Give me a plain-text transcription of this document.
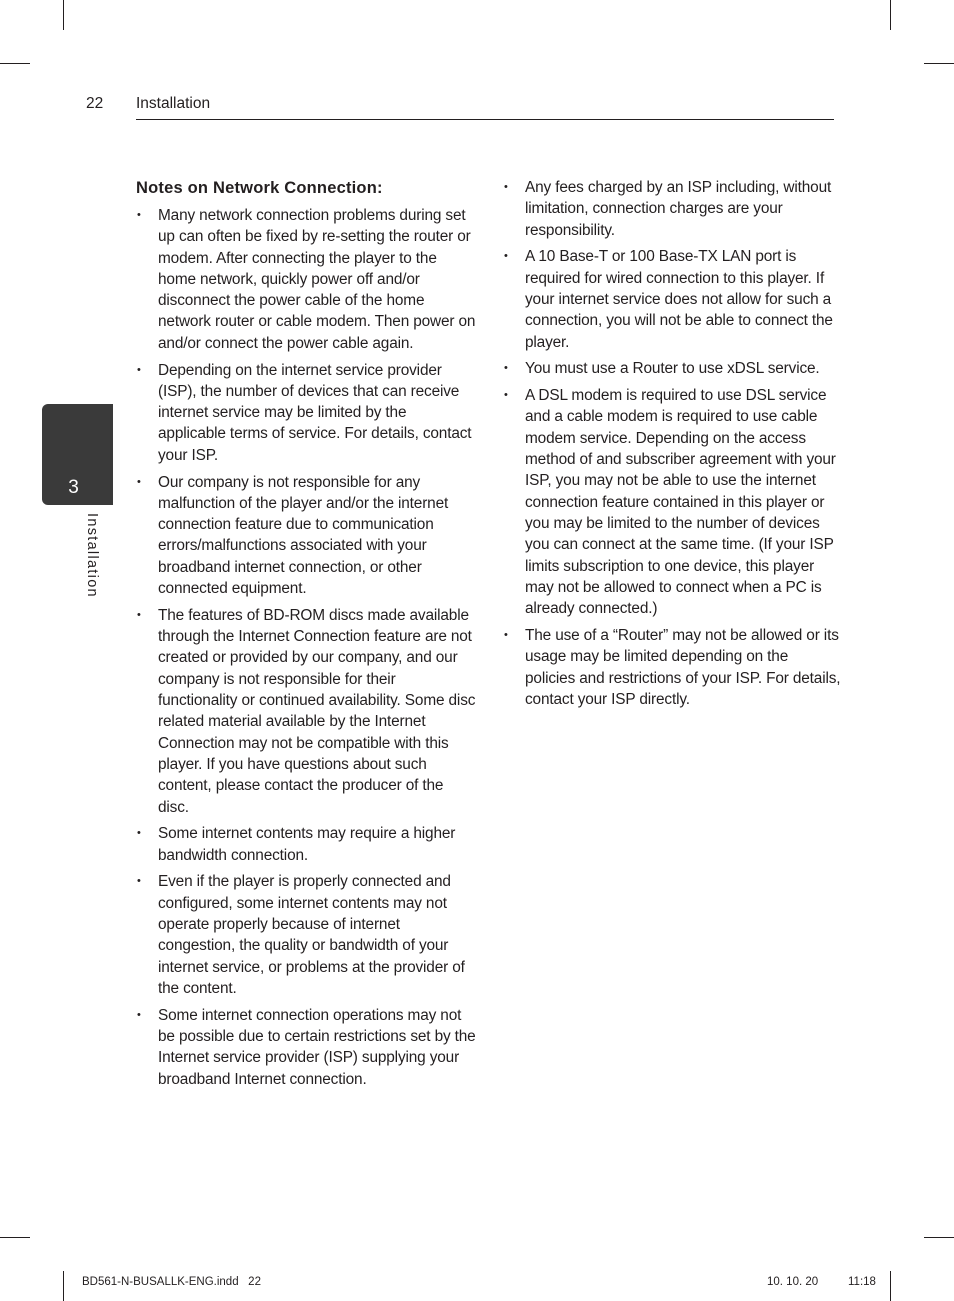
22 Installation
3
Installation
Notes on Network Connection:
• Many network connection problems during set up can often be fixed by re-setting the router or modem. After connecting the player to the home network, quickly power off and/or disconnect the power cable of the home network router or cable modem. Then power on and/or connect the power cable again.
• Depending on the internet service provider (ISP), the number of devices that can receive internet service may be limited by the applicable terms of service. For details, contact your ISP.
• Our company is not responsible for any malfunction of the player and/or the internet connection feature due to communication errors/malfunctions associated with your broadband internet connection, or other connected equipment.
• The features of BD-ROM discs made available through the Internet Connection feature are not created or provided by our company, and our company is not responsible for their functionality or continued availability. Some disc related material available by the Internet Connection may not be compatible with this player. If you have questions about such content, please contact the producer of the disc.
• Some internet contents may require a higher bandwidth connection.
• Even if the player is properly connected and configured, some internet contents may not operate properly because of internet congestion, the quality or bandwidth of your internet service, or problems at the provider of the content.
• Some internet connection operations may not be possible due to certain restrictions set by the Internet service provider (ISP) supplying your broadband Internet connection.
• Any fees charged by an ISP including, without limitation, connection charges are your responsibility.
• A 10 Base-T or 100 Base-TX LAN port is required for wired connection to this player. If your internet service does not allow for such a connection, you will not be able to connect the player.
• You must use a Router to use xDSL service.
• A DSL modem is required to use DSL service and a cable modem is required to use cable modem service. Depending on the access method of and subscriber agreement with your ISP, you may not be able to use the internet connection feature contained in this player or you may be limited to the number of devices you can connect at the same time. (If your ISP limits subscription to one device, this player may not be allowed to connect when a PC is already connected.)
• The use of a “Router” may not be allowed or its usage may be limited depending on the policies and restrictions of your ISP. For details, contact your ISP directly.
BD561-N-BUSALLK-ENG.indd   22	10. 10. 20	11:18
